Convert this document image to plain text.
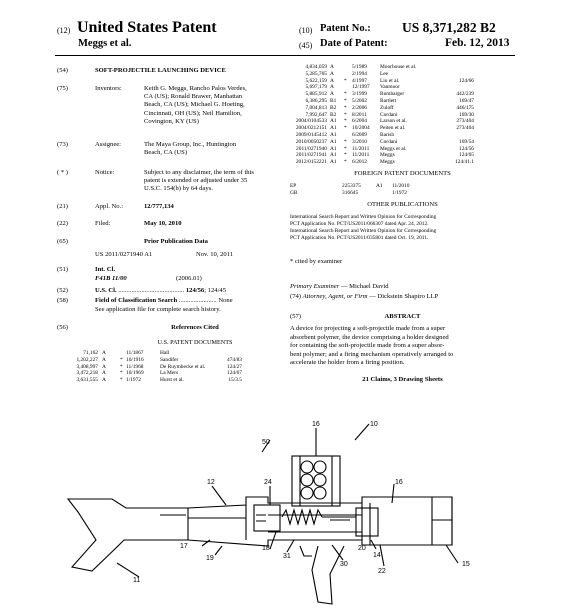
(12) United States Patent
Meggs et al.
(10) Patent No.: US 8,371,282 B2
(45) Date of Patent:	Feb. 12, 2013
(54)	SOFT-PROJECTILE LAUNCHING DEVICE
(75)	Inventors:	Keith G. Meggs, Rancho Palos Verdes,
CA (US); Ronald Brawer, Manhattan
Beach, CA (US); Michael G. Hoeting,
Cincinnati, OH (US); Neil Hamilton,
Covington, KY (US)
(73)	Assignee:	The Maya Group, Inc., Huntington
Beach, CA (US)
( * )	Notice:	Subject to any disclaimer, the term of this
patent is extended or adjusted under 35
U.S.C. 154(b) by 64 days.
(21)	Appl. No.:	12/777,134
(22)	Filed:	May 10, 2010
(65)	Prior Publication Data
US 2011/0271940 A1	Nov. 10, 2011
(51)	Int. Cl.
F41B 11/00	(2006.01)
(52)	U.S. Cl. ........................................ 124/56; 124/45
(58)	Field of Classification Search ....................... None
See application file for complete search history.
(56)	References Cited
U.S. PATENT DOCUMENTS
71,162 A	11/1867	Hall
1,202,227 A	* 10/1916	Sandifer	474/83
3,408,997 A	* 11/1968	De Ruymbecke et al.	124/27
3,472,218 A	* 10/1969	La Mers	124/67
3,631,555 A	* 1/1972	Hurst et al.	15/3.5
4,834,059 A	5/1989 Moorhouse et al.
5,285,765 A	2/1994 Lee
5,622,159 A * 4/1997 Liu et al.	124/66
5,697,179 A	12/1997 Vanmoor
5,885,912 A * 3/1999 Bumbarger	442/239
6,386,295 B1 * 5/2002 Bartlett	169/47
7,004,813 B2 * 2/2006 Zuloff	446/175
7,992,647 B2 * 8/2011 Cordani	169/30
2004/0104533 A1 * 6/2004 Larson et al.	273/404
2004/0212151 A1 * 10/2004 Peiten et al.	273/404
2009/0145412 A1	6/2009 Barish
2010/0050237 A1 * 3/2010 Cordani	169/54
2011/0271940 A1 * 11/2011 Meggs et al.	124/56
2011/0271941 A1 * 11/2011 Meggs	124/65
2012/0152221 A1 * 6/2012 Meggs	124/41.1
FOREIGN PATENT DOCUMENTS
EP	2253375	A1 11/2010
GB	316645	1/1972
OTHER PUBLICATIONS
International Search Report and Written Opinion for Corresponding
PCT Application No. PCT/US2011/066307 dated Apr. 24, 2012.
International Search Report and Written Opinion for Corresponding
PCT Application No. PCT/US2011/035801 dated Oct. 19, 2011.
* cited by examiner
Primary Examiner — Michael David
(74) Attorney, Agent, or Firm — Dickstein Shapiro LLP
(57)	ABSTRACT
A device for projecting a soft-projectile made from a super
absorbent polymer, the device comprising a holder designed
for containing the soft-projectile made from a super absor-
bent polymer; and a firing mechanism operatively arranged to
accelerate the holder from a firing position.
21 Claims, 3 Drawing Sheets
10
16
50
12	24	16
17
19
18
31
30
14
22
15
11
20
